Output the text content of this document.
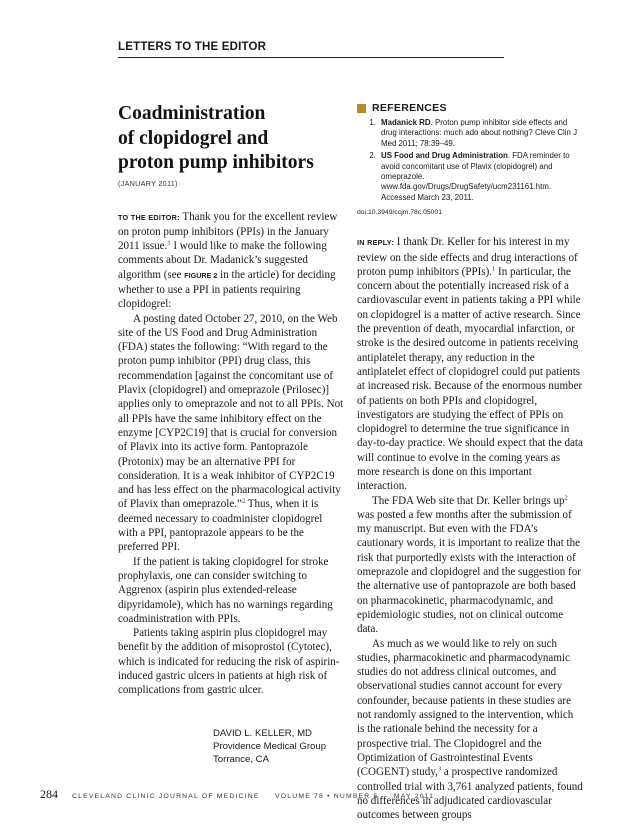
LETTERS TO THE EDITOR
Coadministration
of clopidogrel and
proton pump inhibitors
(JANUARY 2011)

TO THE EDITOR: Thank you for the excellent review on proton pump inhibitors (PPIs) in the January 2011 issue.$^1$ I would like to make the following comments about Dr. Madanick’s suggested algorithm (see FIGURE 2 in the article) for deciding whether to use a PPI in patients requiring clopidogrel:

A posting dated October 27, 2010, on the Web site of the US Food and Drug Administration (FDA) states the following: “With regard to the proton pump inhibitor (PPI) drug class, this recommendation [against the concomitant use of Plavix (clopidogrel) and omeprazole (Prilosec)] applies only to omeprazole and not to all PPIs. Not all PPIs have the same inhibitory effect on the enzyme [CYP2C19] that is crucial for conversion of Plavix into its active form. Pantoprazole (Protonix) may be an alternative PPI for consideration. It is a weak inhibitor of CYP2C19 and has less effect on the pharmacological activity of Plavix than omeprazole.”$^2$ Thus, when it is deemed necessary to coadminister clopidogrel with a PPI, pantoprazole appears to be the preferred PPI.

If the patient is taking clopidogrel for stroke prophylaxis, one can consider switching to Aggrenox (aspirin plus extended-release dipyridamole), which has no warnings regarding coadministration with PPIs.

Patients taking aspirin plus clopidogrel may benefit by the addition of misoprostol (Cytotec), which is indicated for reducing the risk of aspirin-induced gastric ulcers in patients at high risk of complications from gastric ulcer.

DAVID L. KELLER, MD
Providence Medical Group
Torrance, CA
REFERENCES
1. Madanick RD. Proton pump inhibitor side effects and drug interactions: much ado about nothing? Cleve Clin J Med 2011; 78:39–49.
2. US Food and Drug Administration. FDA reminder to avoid concomitant use of Plavix (clopidogrel) and omeprazole. www.fda.gov/Drugs/DrugSafety/ucm231161.htm. Accessed March 23, 2011.
doi:10.3949/ccjm.78c.05001

IN REPLY: I thank Dr. Keller for his interest in my review on the side effects and drug interactions of proton pump inhibitors (PPIs).$^1$ In particular, the concern about the potentially increased risk of a cardiovascular event in patients taking a PPI while on clopidogrel is a matter of active research. Since the prevention of death, myocardial infarction, or stroke is the desired outcome in patients receiving antiplatelet therapy, any reduction in the antiplatelet effect of clopidogrel could put patients at increased risk. Because of the enormous number of patients on both PPIs and clopidogrel, investigators are studying the effect of PPIs on clopidogrel to determine the true significance in day-to-day practice. We should expect that the data will continue to evolve in the coming years as more research is done on this important interaction.

The FDA Web site that Dr. Keller brings $up^2$ was posted a few months after the submission of my manuscript. But even with the FDA’s cautionary words, it is important to realize that the risk that purportedly exists with the interaction of omeprazole and clopidogrel and the suggestion for the alternative use of pantoprazole are both based on pharmacokinetic, pharmacodynamic, and epidemiologic studies, not on clinical outcome data.

As much as we would like to rely on such studies, pharmacokinetic and pharmacodynamic studies do not address clinical outcomes, and observational studies cannot account for every confounder, because patients in these studies are not randomly assigned to the intervention, which is the rationale behind the necessity for a prospective trial. The Clopidogrel and the Optimization of Gastrointestinal Events (COGENT) study,$^3$ a prospective randomized controlled trial with 3,761 analyzed patients, found no differences in adjudicated cardiovascular outcomes between groups

284 CLEVELAND CLINIC JOURNAL OF MEDICINE     VOLUME 78 • NUMBER 5     MAY 2011
